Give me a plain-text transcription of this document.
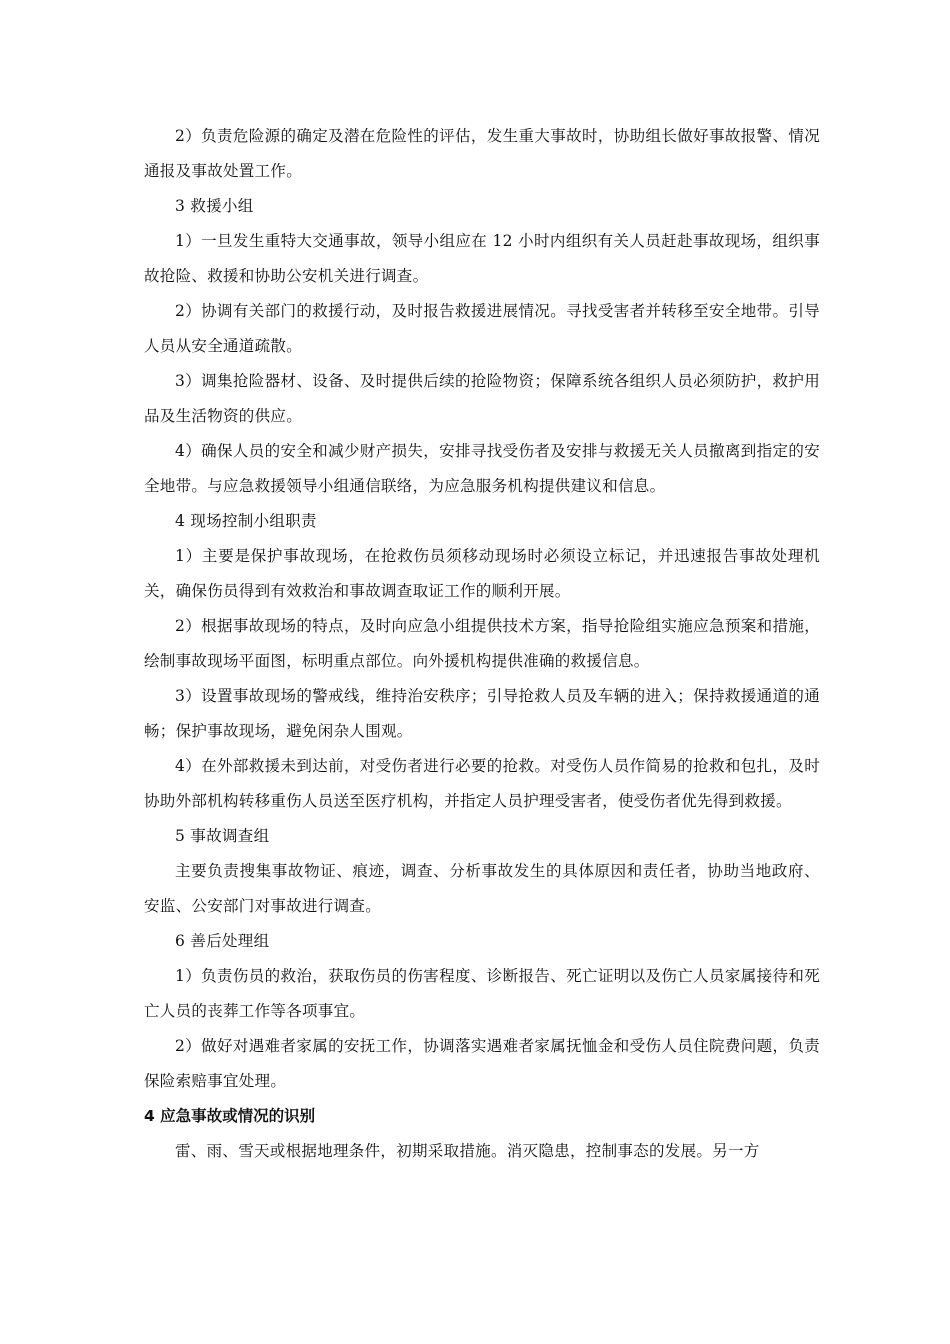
2）负责危险源的确定及潜在危险性的评估，发生重大事故时，协助组长做好事故报警、情况通报及事故处置工作。

3 救援小组

1）一旦发生重特大交通事故，领导小组应在 12 小时内组织有关人员赶赴事故现场，组织事故抢险、救援和协助公安机关进行调查。

2）协调有关部门的救援行动，及时报告救援进展情况。寻找受害者并转移至安全地带。引导人员从安全通道疏散。

3）调集抢险器材、设备、及时提供后续的抢险物资；保障系统各组织人员必须防护，救护用品及生活物资的供应。

4）确保人员的安全和减少财产损失，安排寻找受伤者及安排与救援无关人员撤离到指定的安全地带。与应急救援领导小组通信联络，为应急服务机构提供建议和信息。

4 现场控制小组职责

1）主要是保护事故现场，在抢救伤员须移动现场时必须设立标记，并迅速报告事故处理机关，确保伤员得到有效救治和事故调查取证工作的顺利开展。

2）根据事故现场的特点，及时向应急小组提供技术方案，指导抢险组实施应急预案和措施，绘制事故现场平面图，标明重点部位。向外援机构提供准确的救援信息。

3）设置事故现场的警戒线，维持治安秩序；引导抢救人员及车辆的进入；保持救援通道的通畅；保护事故现场，避免闲杂人围观。

4）在外部救援未到达前，对受伤者进行必要的抢救。对受伤人员作简易的抢救和包扎，及时协助外部机构转移重伤人员送至医疗机构，并指定人员护理受害者，使受伤者优先得到救援。

5 事故调查组

主要负责搜集事故物证、痕迹，调查、分析事故发生的具体原因和责任者，协助当地政府、安监、公安部门对事故进行调查。

6 善后处理组

1）负责伤员的救治，获取伤员的伤害程度、诊断报告、死亡证明以及伤亡人员家属接待和死亡人员的丧葬工作等各项事宜。

2）做好对遇难者家属的安抚工作，协调落实遇难者家属抚恤金和受伤人员住院费问题，负责保险索赔事宜处理。

4 应急事故或情况的识别

雷、雨、雪天或根据地理条件，初期采取措施。消灭隐患，控制事态的发展。另一方
